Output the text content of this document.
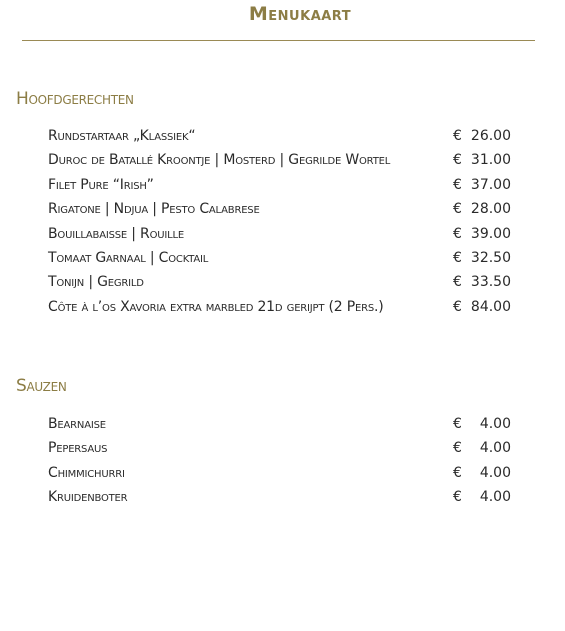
Menukaart
Hoofdgerechten
Rundstartaar „Klassiek“	€ 26.00
Duroc de Batallé Kroontje | Mosterd | Gegrilde Wortel	€ 31.00
Filet Pure “Irish”	€ 37.00
Rigatone | Ndjua | Pesto Calabrese	€ 28.00
Bouillabaisse | Rouille	€ 39.00
Tomaat Garnaal | Cocktail	€ 32.50
Tonijn | Gegrild	€ 33.50
Côte à l’os Xavoria extra marbled 21d gerijpt (2 Pers.)	€ 84.00
Sauzen
Bearnaise	€ 4.00
Pepersaus	€ 4.00
Chimmichurri	€ 4.00
Kruidenboter	€ 4.00
